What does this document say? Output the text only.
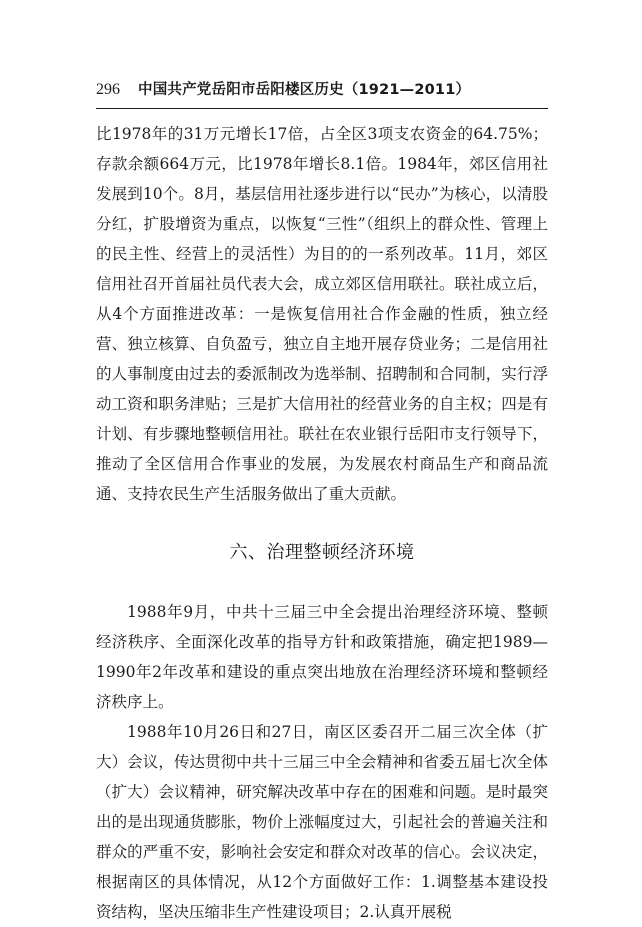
296 中国共产党岳阳市岳阳楼区历史（1921—2011）

比1978年的31万元增长17倍，占全区3项支农资金的64.75%；存款余额664万元，比1978年增长8.1倍。1984年，郊区信用社发展到10个。8月，基层信用社逐步进行以“民办”为核心，以清股分红，扩股增资为重点，以恢复“三性”（组织上的群众性、管理上的民主性、经营上的灵活性）为目的的一系列改革。11月，郊区信用社召开首届社员代表大会，成立郊区信用联社。联社成立后，从4个方面推进改革：一是恢复信用社合作金融的性质，独立经营、独立核算、自负盈亏，独立自主地开展存贷业务；二是信用社的人事制度由过去的委派制改为选举制、招聘制和合同制，实行浮动工资和职务津贴；三是扩大信用社的经营业务的自主权；四是有计划、有步骤地整顿信用社。联社在农业银行岳阳市支行领导下，推动了全区信用合作事业的发展，为发展农村商品生产和商品流通、支持农民生产生活服务做出了重大贡献。

六、治理整顿经济环境

1988年9月，中共十三届三中全会提出治理经济环境、整顿经济秩序、全面深化改革的指导方针和政策措施，确定把1989—1990年2年改革和建设的重点突出地放在治理经济环境和整顿经济秩序上。

1988年10月26日和27日，南区区委召开二届三次全体（扩大）会议，传达贯彻中共十三届三中全会精神和省委五届七次全体（扩大）会议精神，研究解决改革中存在的困难和问题。是时最突出的是出现通货膨胀，物价上涨幅度过大，引起社会的普遍关注和群众的严重不安，影响社会安定和群众对改革的信心。会议决定，根据南区的具体情况，从12个方面做好工作：1.调整基本建设投资结构，坚决压缩非生产性建设项目；2.认真开展税
